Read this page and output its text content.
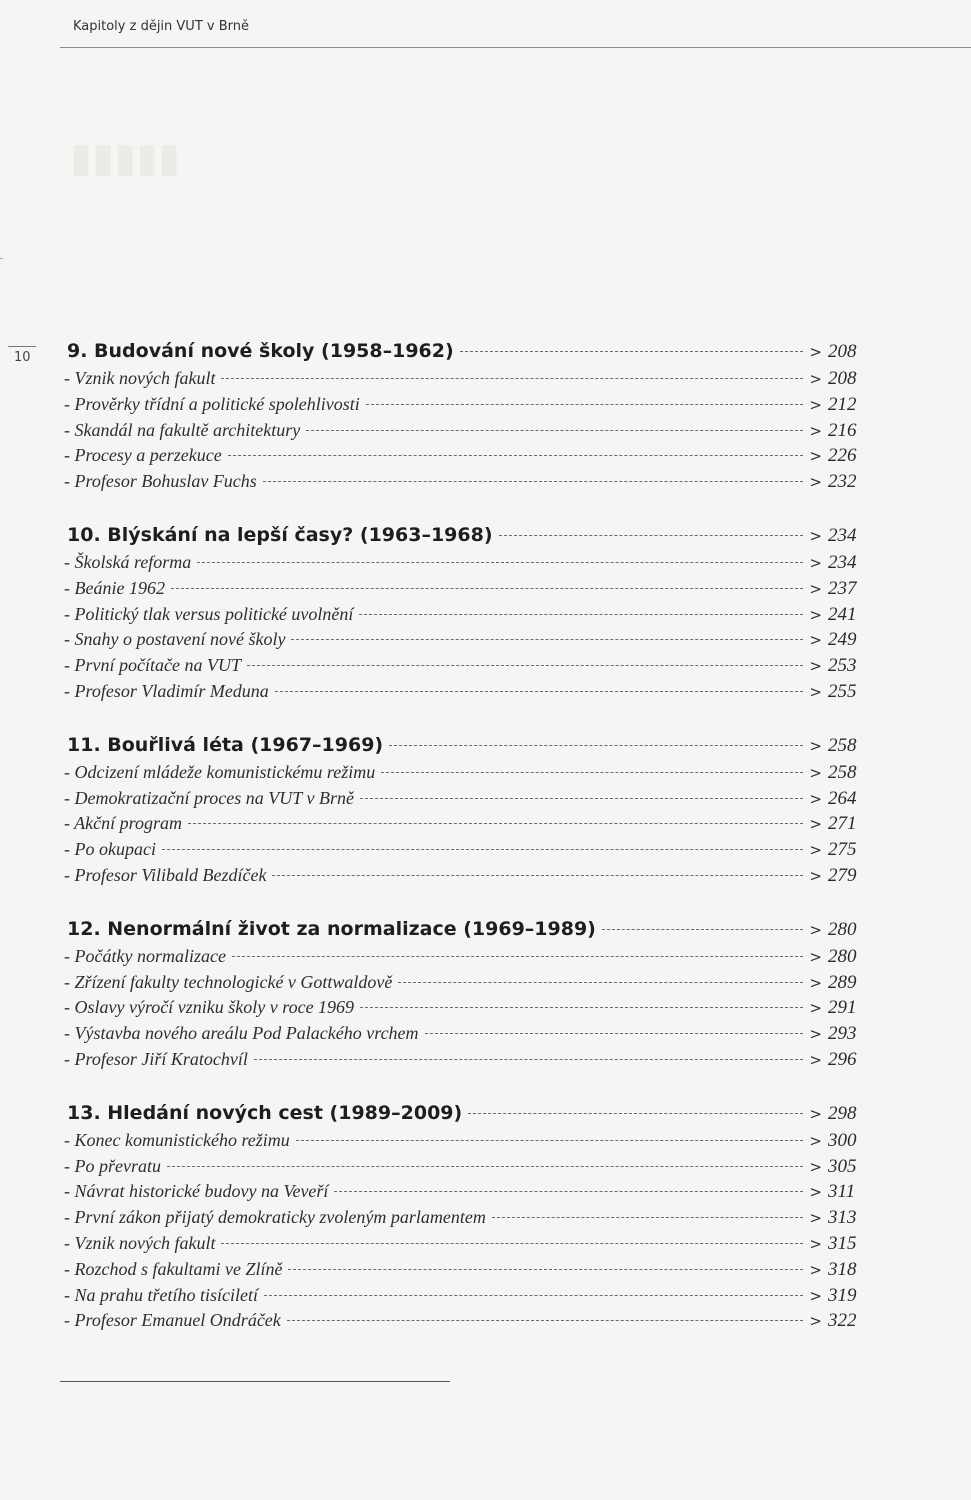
▮▮▮▮▮
Kapitoly z dějin VUT v Brně
10 9. Budování nové školy (1958–1962)	> 208
- Vznik nových fakult	> 208
- Prověrky třídní a politické spolehlivosti	> 212
- Skandál na fakultě architektury	> 216
- Procesy a perzekuce	> 226
- Profesor Bohuslav Fuchs	> 232
10. Blýskání na lepší časy? (1963–1968)	> 234
- Školská reforma	> 234
- Beánie 1962	> 237
- Politický tlak versus politické uvolnění	> 241
- Snahy o postavení nové školy	> 249
- První počítače na VUT	> 253
- Profesor Vladimír Meduna	> 255
11. Bouřlivá léta (1967–1969)	> 258
- Odcizení mládeže komunistickému režimu	> 258
- Demokratizační proces na VUT v Brně	> 264
- Akční program	> 271
- Po okupaci	> 275
- Profesor Vilibald Bezdíček	> 279
12. Nenormální život za normalizace (1969–1989)	> 280
- Počátky normalizace	> 280
- Zřízení fakulty technologické v Gottwaldově	> 289
- Oslavy výročí vzniku školy v roce 1969	> 291
- Výstavba nového areálu Pod Palackého vrchem	> 293
- Profesor Jiří Kratochvíl	> 296
13. Hledání nových cest (1989–2009)	> 298
- Konec komunistického režimu	> 300
- Po převratu	> 305
- Návrat historické budovy na Veveří	> 311
- První zákon přijatý demokraticky zvoleným parlamentem	> 313
- Vznik nových fakult	> 315
- Rozchod s fakultami ve Zlíně	> 318
- Na prahu třetího tisíciletí	> 319
- Profesor Emanuel Ondráček	> 322
